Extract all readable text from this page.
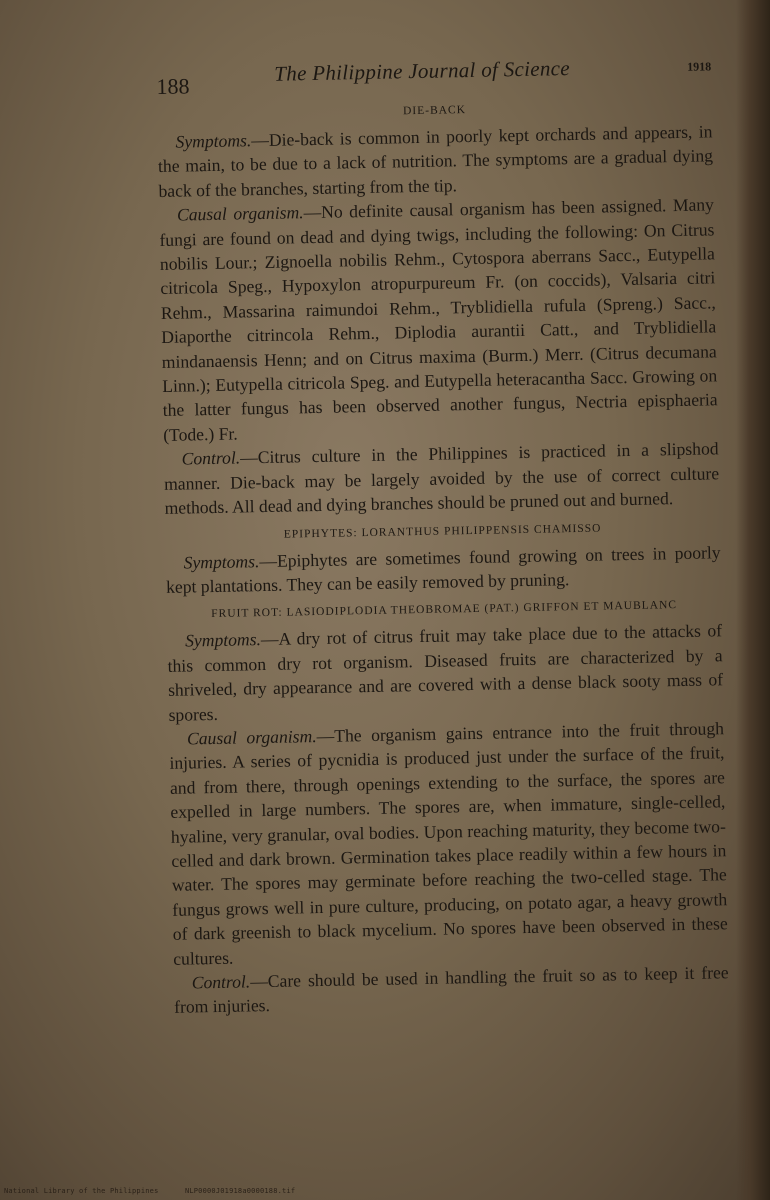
188
The Philippine Journal of Science	1918
DIE-BACK

Symptoms.—Die-back is common in poorly kept orchards and appears, in the main, to be due to a lack of nutrition. The symptoms are a gradual dying back of the branches, starting from the tip.

Causal organism.—No definite causal organism has been assigned. Many fungi are found on dead and dying twigs, including the following: On Citrus nobilis Lour.; Zignoella nobilis Rehm., Cytospora aberrans Sacc., Eutypella citricola Speg., Hypoxylon atropurpureum Fr. (on coccids), Valsaria citri Rehm., Massarina raimundoi Rehm., Tryblidiella rufula (Spreng.) Sacc., Diaporthe citrincola Rehm., Diplodia aurantii Catt., and Tryblidiella mindanaensis Henn; and on Citrus maxima (Burm.) Merr. (Citrus decumana Linn.); Eutypella citricola Speg. and Eutypella heteracantha Sacc. Growing on the latter fungus has been observed another fungus, Nectria episphaeria (Tode.) Fr.

Control.—Citrus culture in the Philippines is practiced in a slipshod manner. Die-back may be largely avoided by the use of correct culture methods. All dead and dying branches should be pruned out and burned.

EPIPHYTES: LORANTHUS PHILIPPENSIS CHAMISSO

Symptoms.—Epiphytes are sometimes found growing on trees in poorly kept plantations. They can be easily removed by pruning.

FRUIT ROT: LASIODIPLODIA THEOBROMAE (PAT.) GRIFFON ET MAUBLANC

Symptoms.—A dry rot of citrus fruit may take place due to the attacks of this common dry rot organism. Diseased fruits are characterized by a shriveled, dry appearance and are covered with a dense black sooty mass of spores.

Causal organism.—The organism gains entrance into the fruit through injuries. A series of pycnidia is produced just under the surface of the fruit, and from there, through openings extending to the surface, the spores are expelled in large numbers. The spores are, when immature, single-celled, hyaline, very granular, oval bodies. Upon reaching maturity, they become two-celled and dark brown. Germination takes place readily within a few hours in water. The spores may germinate before reaching the two-celled stage. The fungus grows well in pure culture, producing, on potato agar, a heavy growth of dark greenish to black mycelium. No spores have been observed in these cultures.

Control.—Care should be used in handling the fruit so as to keep it free from injuries.

National Library of the Philippines	NLP0000J01918a0000188.tif
